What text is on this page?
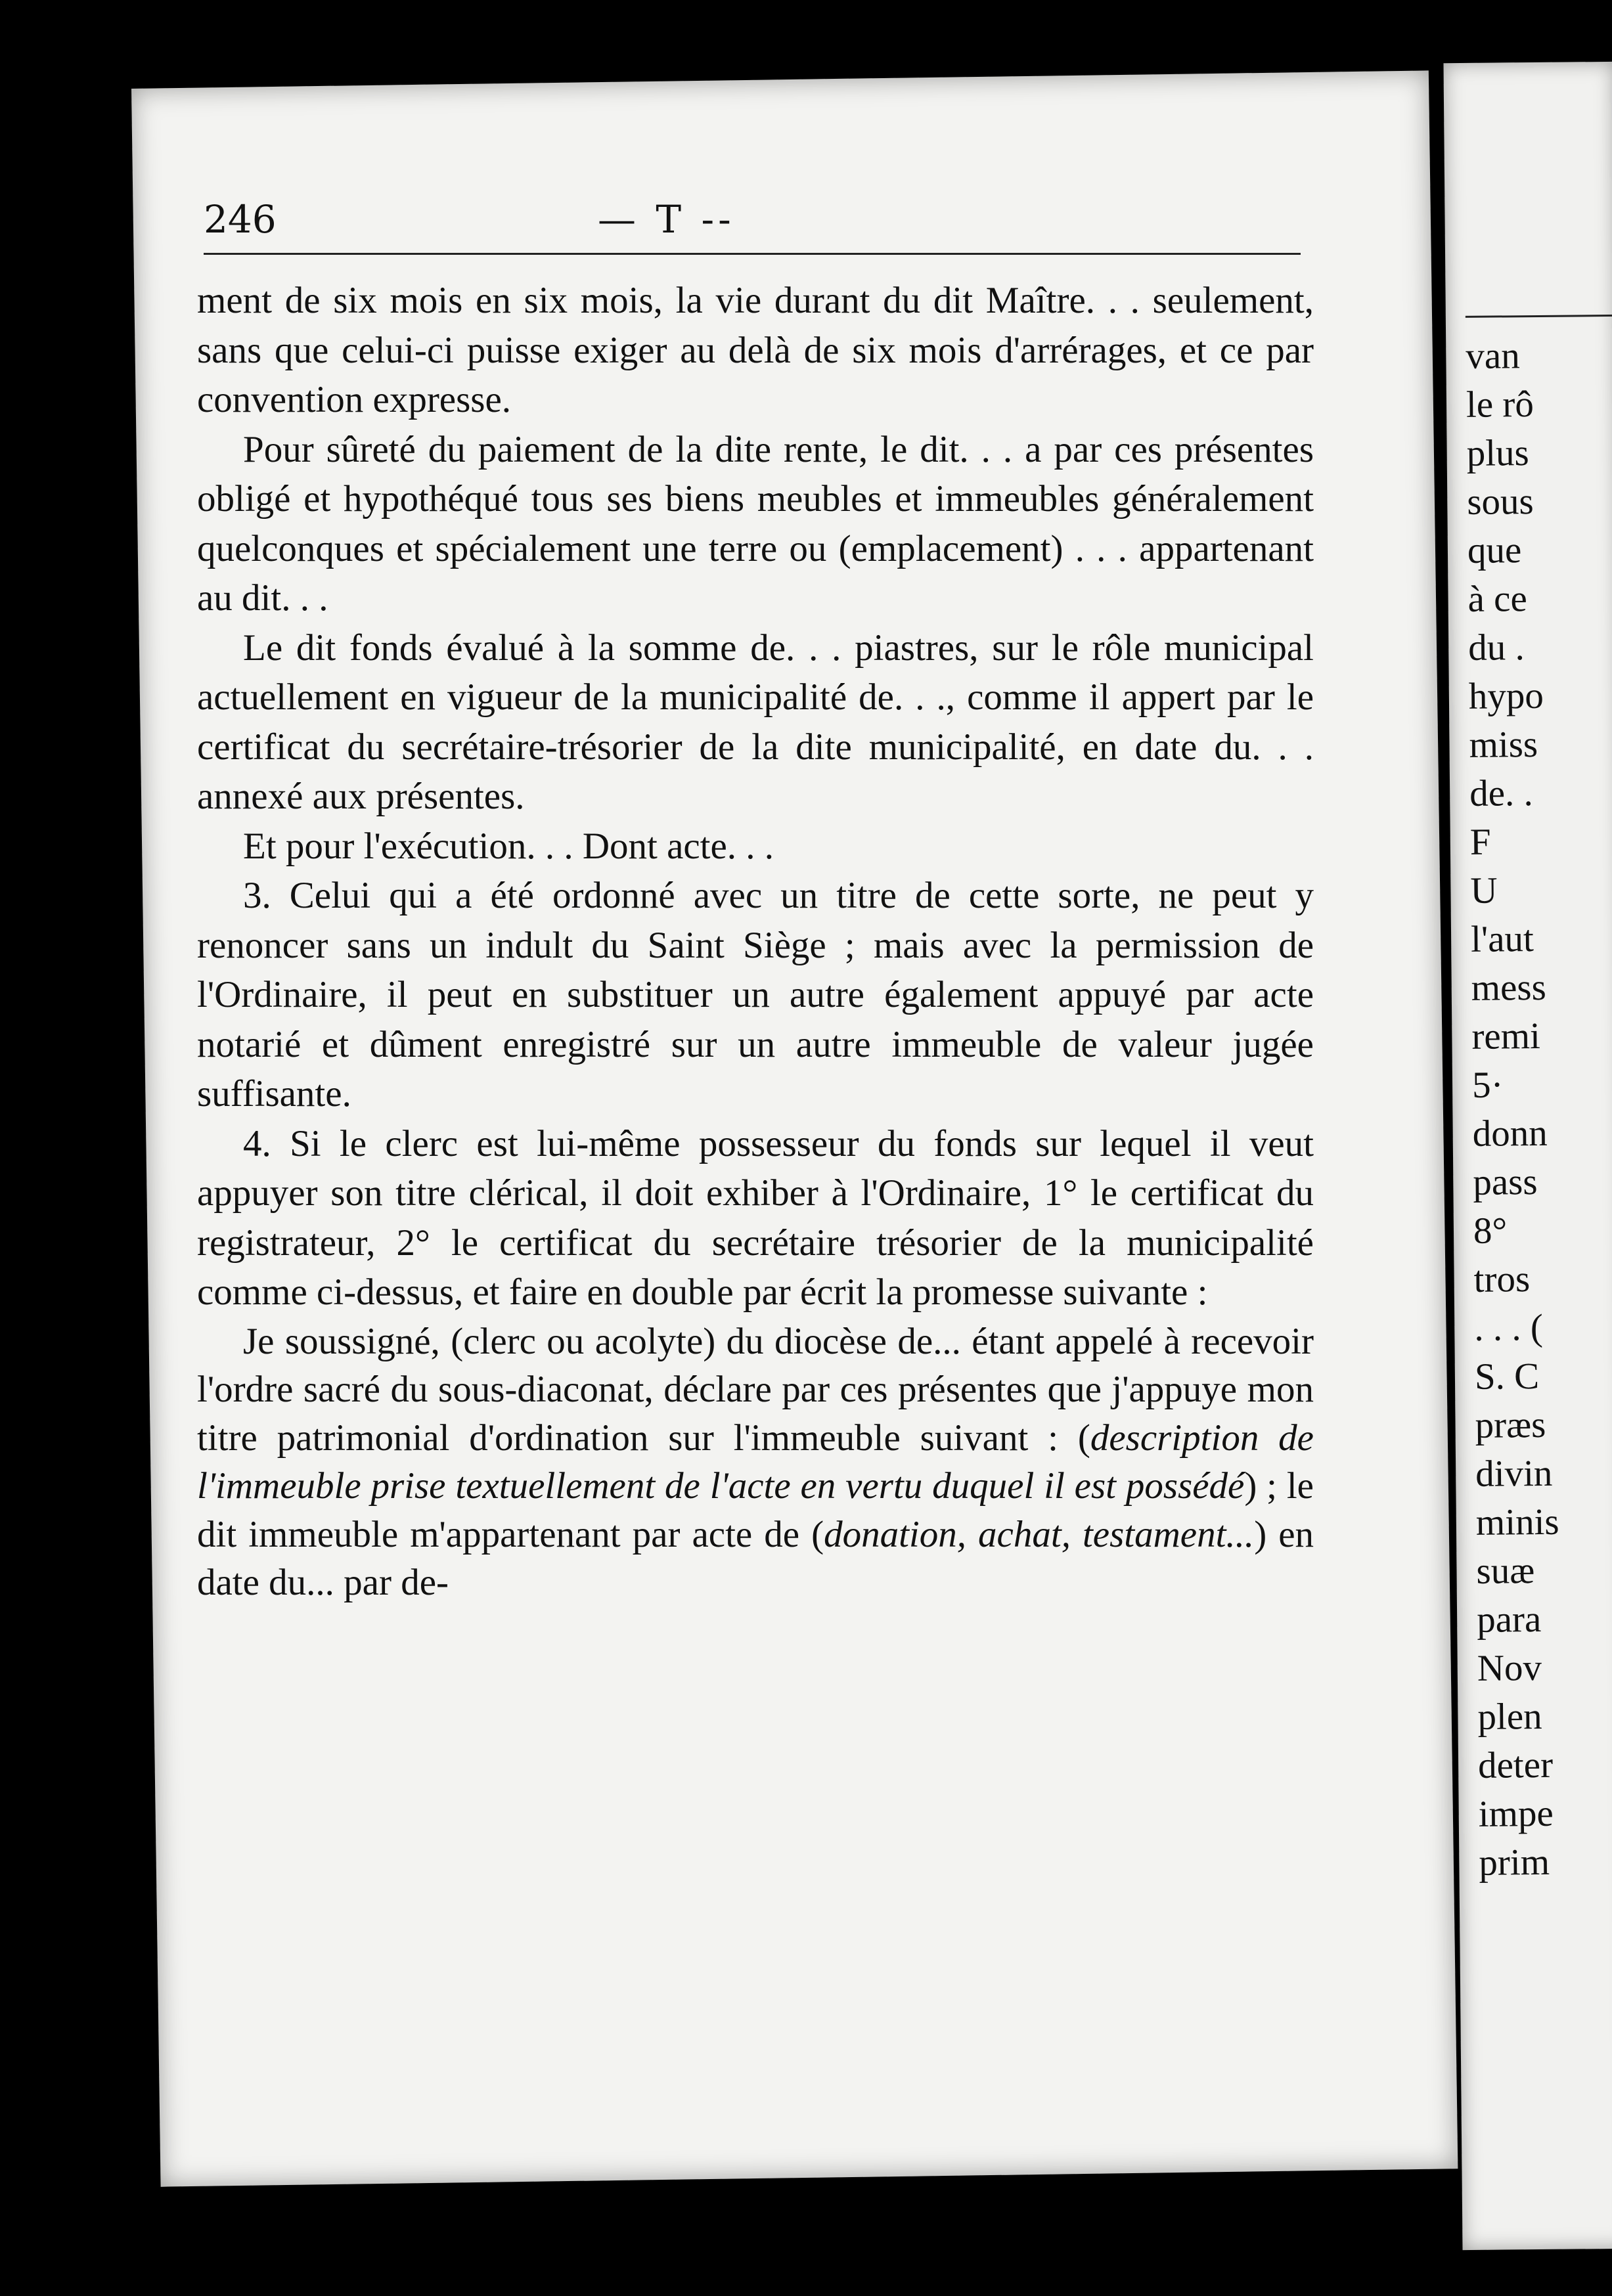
van
le rô
plus
sous
que
à ce
du .
hypo
miss
de. .
F
U
l'aut
mess
remi
5·
donn
pass
8°
tros
. . . (
S. C
præs
divin
minis
suæ
para
Nov
plen
deter
impe
prim
246	— T --

ment de six mois en six mois, la vie durant du dit Maître. . . seulement, sans que celui-ci puisse exiger au delà de six mois d'arrérages, et ce par convention expresse.

Pour sûreté du paiement de la dite rente, le dit. . . a par ces présentes obligé et hypothéqué tous ses biens meubles et immeubles généralement quelconques et spécialement une terre ou (emplacement) . . . appartenant au dit. . .

Le dit fonds évalué à la somme de. . . piastres, sur le rôle municipal actuellement en vigueur de la municipalité de. . ., comme il appert par le certificat du secrétaire-trésorier de la dite municipalité, en date du. . . annexé aux présentes.

Et pour l'exécution. . . Dont acte. . .

3. Celui qui a été ordonné avec un titre de cette sorte, ne peut y renoncer sans un indult du Saint Siège ; mais avec la permission de l'Ordinaire, il peut en substituer un autre également appuyé par acte notarié et dûment enregistré sur un autre immeuble de valeur jugée suffisante.

4. Si le clerc est lui-même possesseur du fonds sur lequel il veut appuyer son titre clérical, il doit exhiber à l'Ordinaire, 1° le certificat du registrateur, 2° le certificat du secrétaire trésorier de la municipalité comme ci-dessus, et faire en double par écrit la promesse suivante :

Je soussigné, (clerc ou acolyte) du diocèse de... étant appelé à recevoir l'ordre sacré du sous-diaconat, déclare par ces présentes que j'appuye mon titre patrimonial d'ordination sur l'immeuble suivant : (description de l'immeuble prise textuellement de l'acte en vertu duquel il est possédé) ; le dit immeuble m'appartenant par acte de (donation, achat, testament...) en date du... par de-
